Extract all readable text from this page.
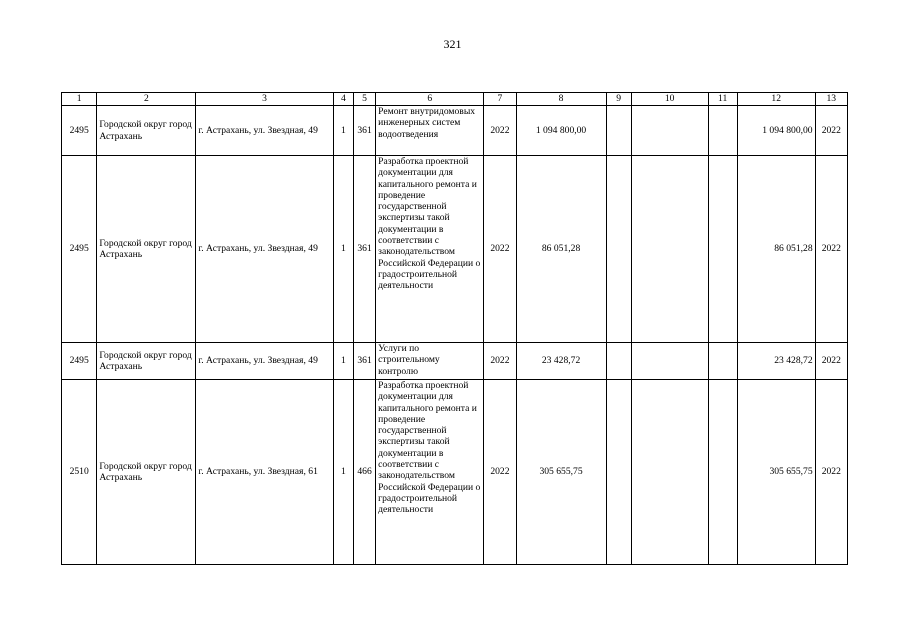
321
1	2	3	4	5	6	7	8	9	10	11	12	13
2495	Городской округ город Астрахань	г. Астрахань, ул. Звездная, 49	1	361	Ремонт внутридомовых инженерных систем водоотведения	2022	1 094 800,00				1 094 800,00	2022
2495	Городской округ город Астрахань	г. Астрахань, ул. Звездная, 49	1	361	Разработка проектной документации для капитального ремонта и проведение государственной экспертизы такой документации в соответствии с законодательством Российской Федерации о градостроительной деятельности	2022	86 051,28				86 051,28	2022
2495	Городской округ город Астрахань	г. Астрахань, ул. Звездная, 49	1	361	Услуги по строительному контролю	2022	23 428,72				23 428,72	2022
2510	Городской округ город Астрахань	г. Астрахань, ул. Звездная, 61	1	466	Разработка проектной документации для капитального ремонта и проведение государственной экспертизы такой документации в соответствии с законодательством Российской Федерации о градостроительной деятельности	2022	305 655,75				305 655,75	2022
